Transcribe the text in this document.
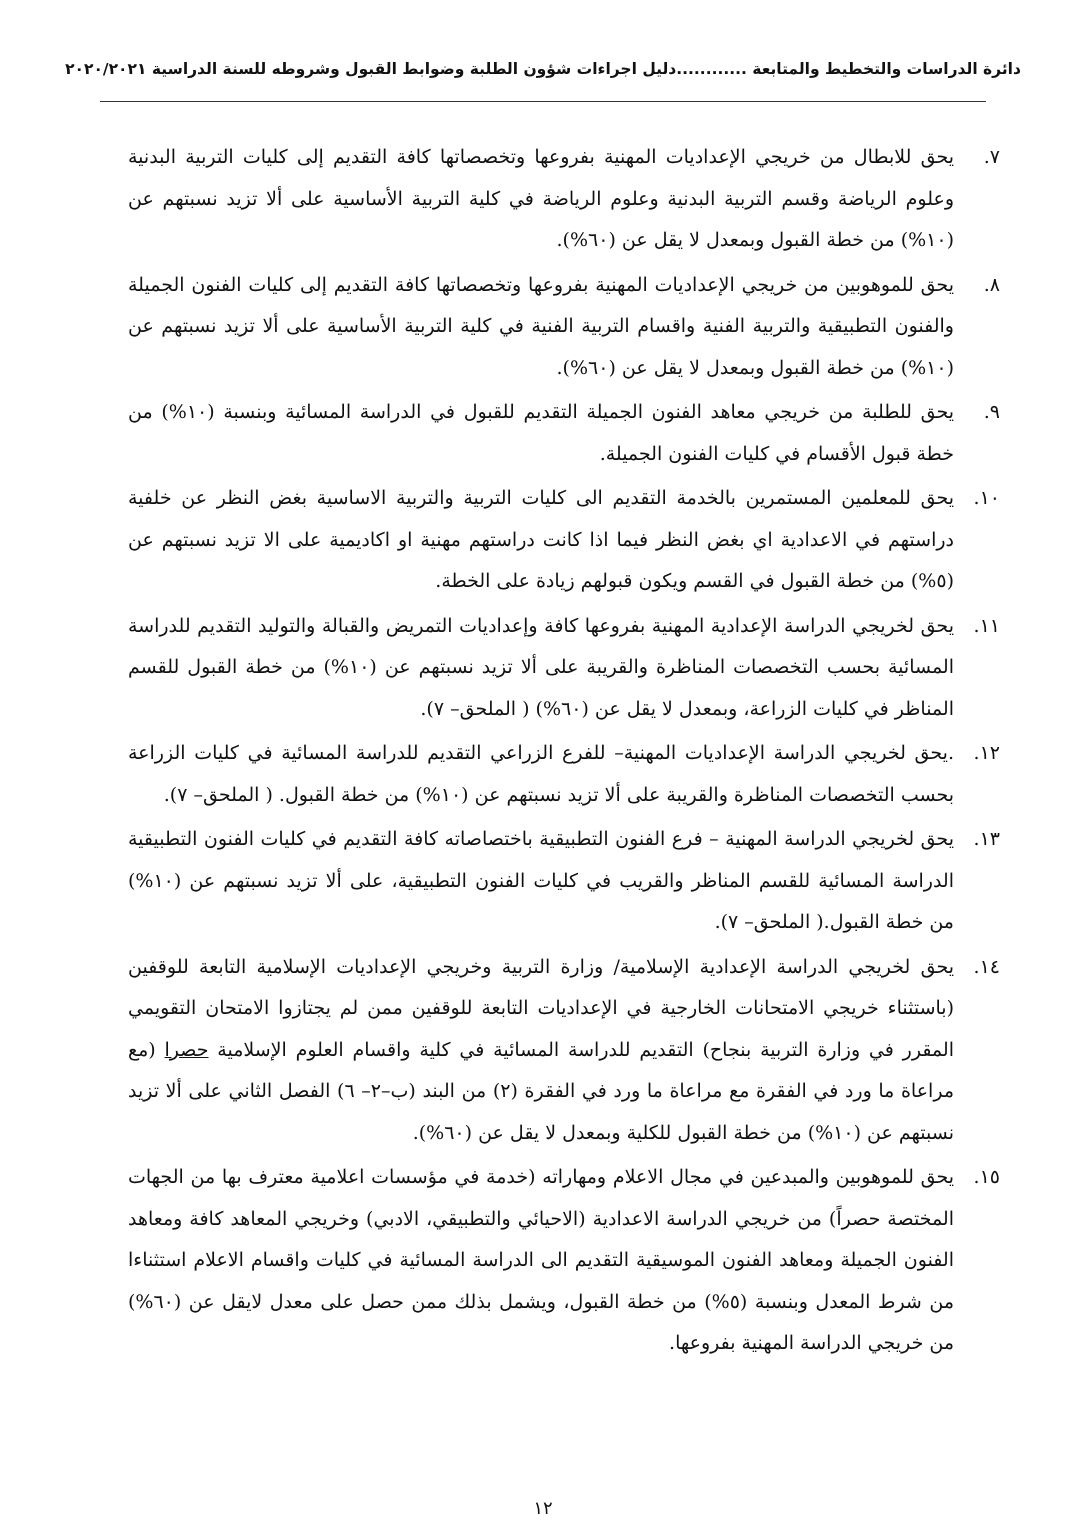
دائرة الدراسات والتخطيط والمتابعة ............دليل اجراءات شؤون الطلبة وضوابط القبول وشروطه للسنة الدراسية ٢٠٢٠/٢٠٢١
٧.
يحق للابطال من خريجي الإعداديات المهنية بفروعها وتخصصاتها كافة التقديم إلى كليات التربية البدنية وعلوم الرياضة وقسم التربية البدنية وعلوم الرياضة في كلية التربية الأساسية على ألا تزيد نسبتهم عن (١٠%) من خطة القبول وبمعدل لا يقل عن (٦٠%).
٨.
يحق للموهوبين من خريجي الإعداديات المهنية بفروعها وتخصصاتها كافة التقديم إلى كليات الفنون الجميلة والفنون التطبيقية والتربية الفنية واقسام التربية الفنية في كلية التربية الأساسية على ألا تزيد نسبتهم عن (١٠%) من خطة القبول وبمعدل لا يقل عن (٦٠%).
٩.
يحق للطلبة من خريجي معاهد الفنون الجميلة التقديم للقبول في الدراسة المسائية وبنسبة (١٠%) من خطة قبول الأقسام في كليات الفنون الجميلة.
١٠.
يحق للمعلمين المستمرين بالخدمة التقديم الى كليات التربية والتربية الاساسية بغض النظر عن خلفية دراستهم في الاعدادية اي بغض النظر فيما اذا كانت دراستهم مهنية او اكاديمية على الا تزيد نسبتهم عن (٥%) من خطة القبول في القسم ويكون قبولهم زيادة على الخطة.
١١.
يحق لخريجي الدراسة الإعدادية المهنية بفروعها كافة وإعداديات التمريض والقبالة والتوليد التقديم للدراسة المسائية بحسب التخصصات المناظرة والقريبة على ألا تزيد نسبتهم عن (١٠%) من خطة القبول للقسم المناظر في كليات الزراعة، وبمعدل لا يقل عن (٦٠%) ( الملحق– ٧).
١٢.
.يحق لخريجي الدراسة الإعداديات المهنية– للفرع الزراعي التقديم للدراسة المسائية في كليات الزراعة بحسب التخصصات المناظرة والقريبة على ألا تزيد نسبتهم عن (١٠%) من خطة القبول. ( الملحق– ٧).
١٣.
يحق لخريجي الدراسة المهنية – فرع الفنون التطبيقية باختصاصاته كافة التقديم في كليات الفنون التطبيقية الدراسة المسائية للقسم المناظر والقريب في كليات الفنون التطبيقية، على ألا تزيد نسبتهم عن (١٠%) من خطة القبول.( الملحق– ٧).
١٤.
يحق لخريجي الدراسة الإعدادية الإسلامية/ وزارة التربية وخريجي الإعداديات الإسلامية التابعة للوقفين (باستثناء خريجي الامتحانات الخارجية في الإعداديات التابعة للوقفين ممن لم يجتازوا الامتحان التقويمي المقرر في وزارة التربية بنجاح) التقديم للدراسة المسائية في كلية واقسام العلوم الإسلامية حصرا (مع مراعاة ما ورد في الفقرة مع مراعاة ما ورد في الفقرة (٢) من البند (ب–٢– ٦) الفصل الثاني على ألا تزيد نسبتهم عن (١٠%) من خطة القبول للكلية وبمعدل لا يقل عن (٦٠%).
١٥.
يحق للموهوبين والمبدعين في مجال الاعلام ومهاراته (خدمة في مؤسسات اعلامية معترف بها من الجهات المختصة حصراً) من خريجي الدراسة الاعدادية (الاحيائي والتطبيقي، الادبي) وخريجي المعاهد كافة ومعاهد الفنون الجميلة ومعاهد الفنون الموسيقية التقديم الى الدراسة المسائية في كليات واقسام الاعلام استثناءا من شرط المعدل وبنسبة (٥%) من خطة القبول، ويشمل بذلك ممن حصل على معدل لايقل عن (٦٠%) من خريجي الدراسة المهنية بفروعها.
١٢
